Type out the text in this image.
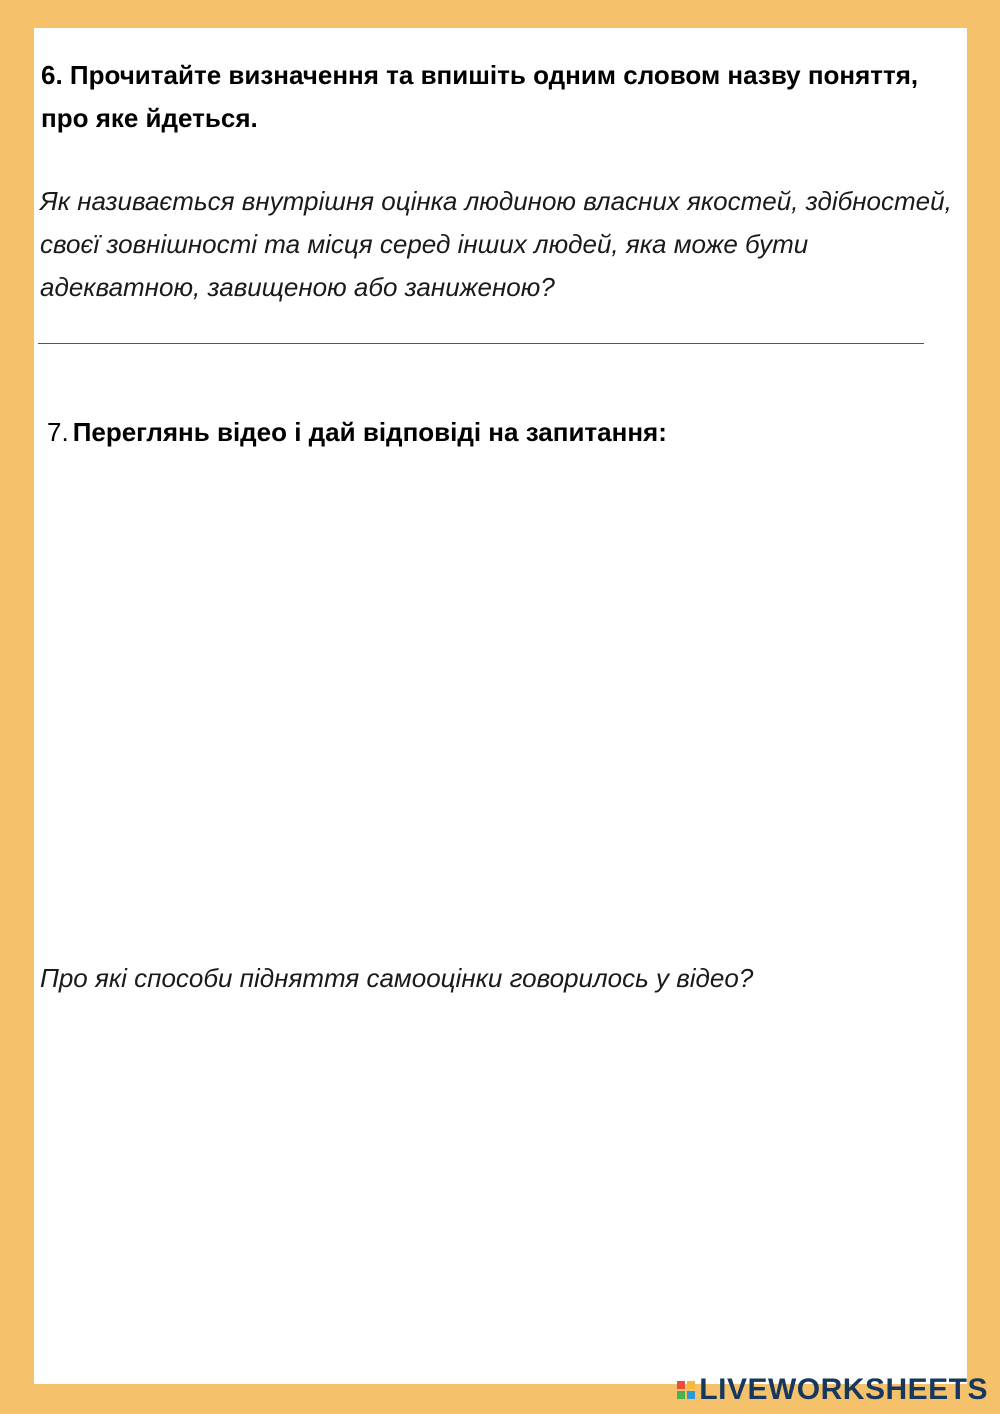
6. Прочитайте визначення та впишіть одним словом назву поняття, про яке йдеться.

Як називається внутрішня оцінка людиною власних якостей, здібностей, своєї зовнішності та місця серед інших людей, яка може бути адекватною, завищеною або заниженою?

7. Переглянь відео і дай відповіді на запитання:

Про які способи підняття самооцінки говорилось у відео?

LIVEWORKSHEETS
